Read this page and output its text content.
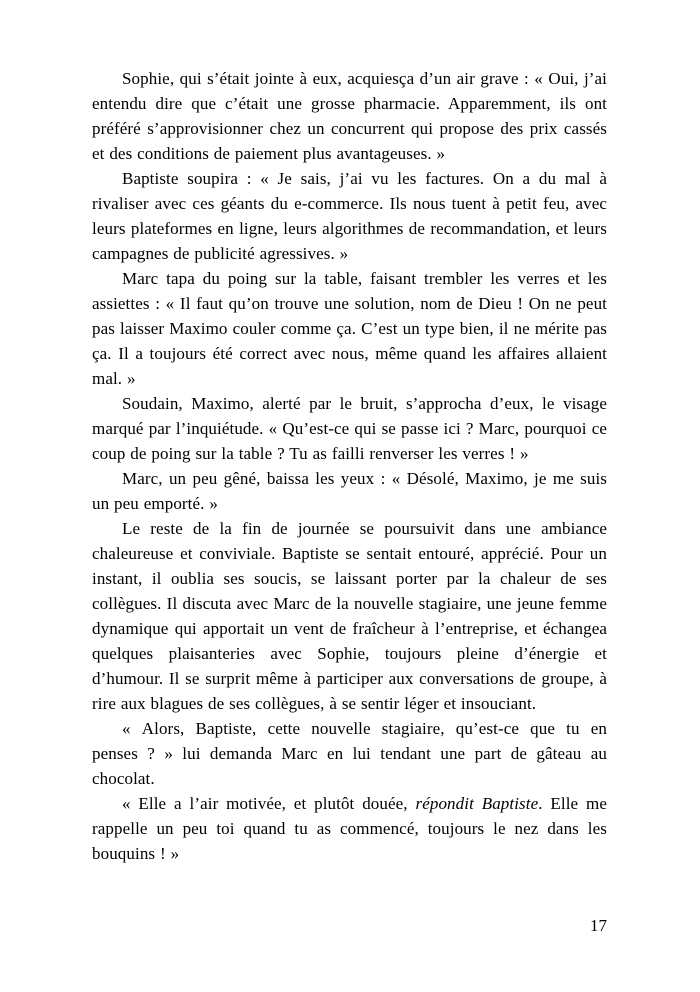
Sophie, qui s’était jointe à eux, acquiesça d’un air grave : « Oui, j’ai entendu dire que c’était une grosse pharmacie. Apparemment, ils ont préféré s’approvisionner chez un concurrent qui propose des prix cassés et des conditions de paiement plus avantageuses. »

Baptiste soupira : « Je sais, j’ai vu les factures. On a du mal à rivaliser avec ces géants du e-commerce. Ils nous tuent à petit feu, avec leurs plateformes en ligne, leurs algorithmes de recommandation, et leurs campagnes de publicité agressives. »

Marc tapa du poing sur la table, faisant trembler les verres et les assiettes : « Il faut qu’on trouve une solution, nom de Dieu ! On ne peut pas laisser Maximo couler comme ça. C’est un type bien, il ne mérite pas ça. Il a toujours été correct avec nous, même quand les affaires allaient mal. »

Soudain, Maximo, alerté par le bruit, s’approcha d’eux, le visage marqué par l’inquiétude. « Qu’est-ce qui se passe ici ? Marc, pourquoi ce coup de poing sur la table ? Tu as failli renverser les verres ! »

Marc, un peu gêné, baissa les yeux : « Désolé, Maximo, je me suis un peu emporté. »

Le reste de la fin de journée se poursuivit dans une ambiance chaleureuse et conviviale. Baptiste se sentait entouré, apprécié. Pour un instant, il oublia ses soucis, se laissant porter par la chaleur de ses collègues. Il discuta avec Marc de la nouvelle stagiaire, une jeune femme dynamique qui apportait un vent de fraîcheur à l’entreprise, et échangea quelques plaisanteries avec Sophie, toujours pleine d’énergie et d’humour. Il se surprit même à participer aux conversations de groupe, à rire aux blagues de ses collègues, à se sentir léger et insouciant.

« Alors, Baptiste, cette nouvelle stagiaire, qu’est-ce que tu en penses ? » lui demanda Marc en lui tendant une part de gâteau au chocolat.

« Elle a l’air motivée, et plutôt douée, répondit Baptiste. Elle me rappelle un peu toi quand tu as commencé, toujours le nez dans les bouquins ! »

17
